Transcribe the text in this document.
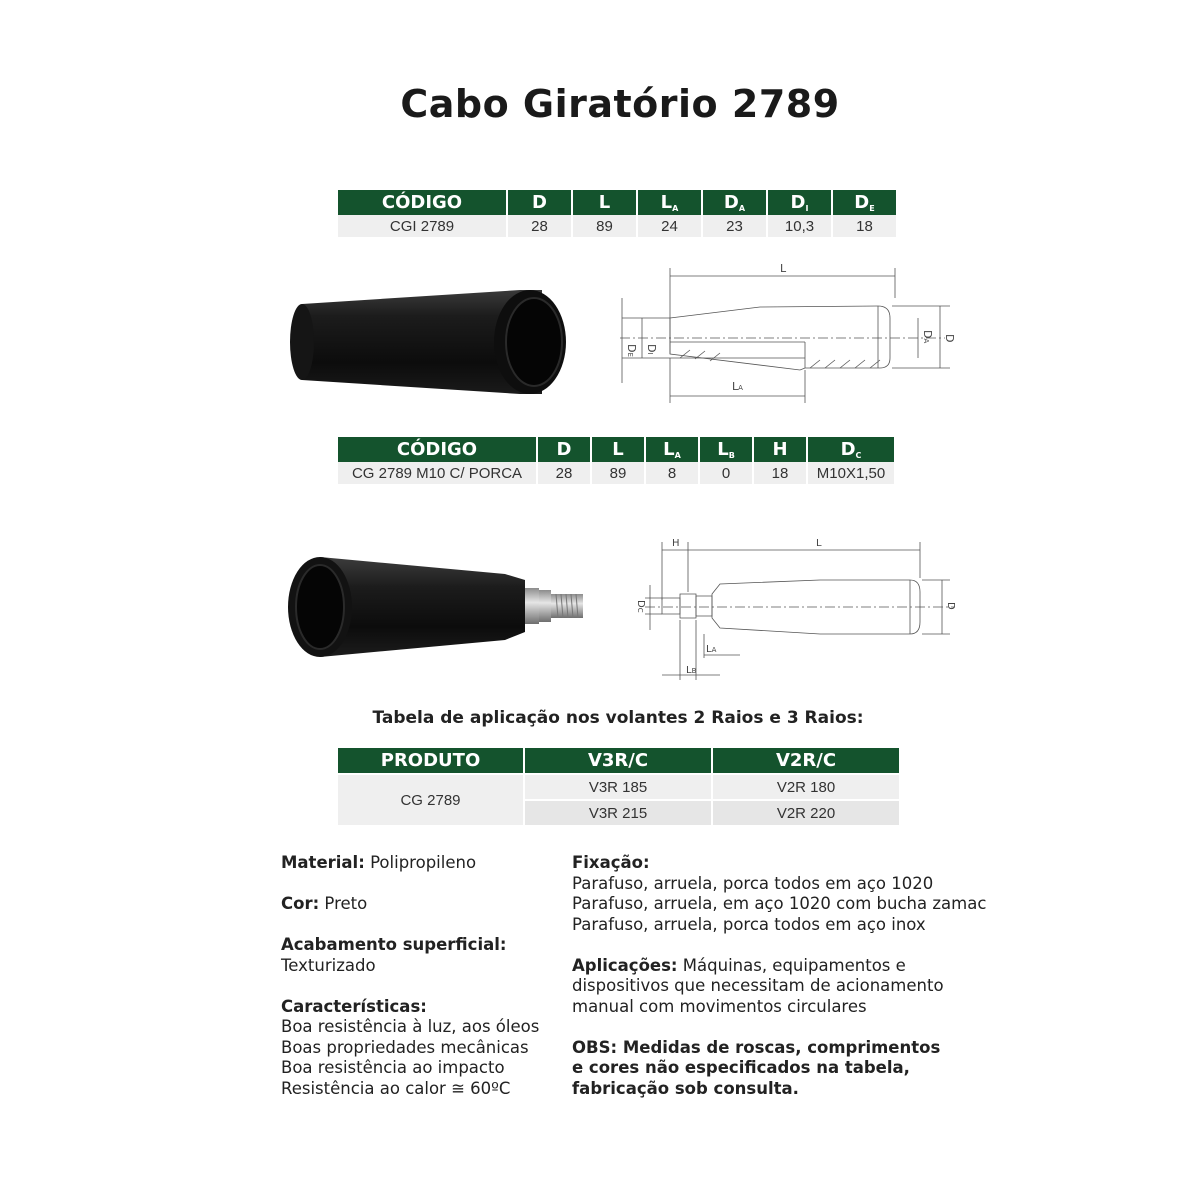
Cabo Giratório 2789
CÓDIGO	D	L	$L_A$	$D_A$	$D_I$	$D_E$
CGI 2789	28	89	24	23	10,3	18
L
DI
DE
DA	D
LA
CÓDIGO	D	L	$L_A$	$L_B$	H	$D_C$
CG 2789 M10 C/ PORCA	28	89	8	0	18	M10X1,50
H	L
DC
D
LA
LB
Tabela de aplicação nos volantes 2 Raios e 3 Raios:
PRODUTO	V3R/C	V2R/C
CG 2789	V3R 185	V2R 180
	V3R 215	V2R 220
Material: Polipropileno
Cor: Preto
Acabamento superficial:
Texturizado
Características:
Boa resistência à luz, aos óleos
Boas propriedades mecânicas
Boa resistência ao impacto
Resistência ao calor ≅ 60ºC
Fixação:
Parafuso, arruela, porca todos em aço 1020
Parafuso, arruela, em aço 1020 com bucha zamac
Parafuso, arruela, porca todos em aço inox
Aplicações: Máquinas, equipamentos e
dispositivos que necessitam de acionamento
manual com movimentos circulares
OBS: Medidas de roscas, comprimentos
e cores não especificados na tabela,
fabricação sob consulta.
